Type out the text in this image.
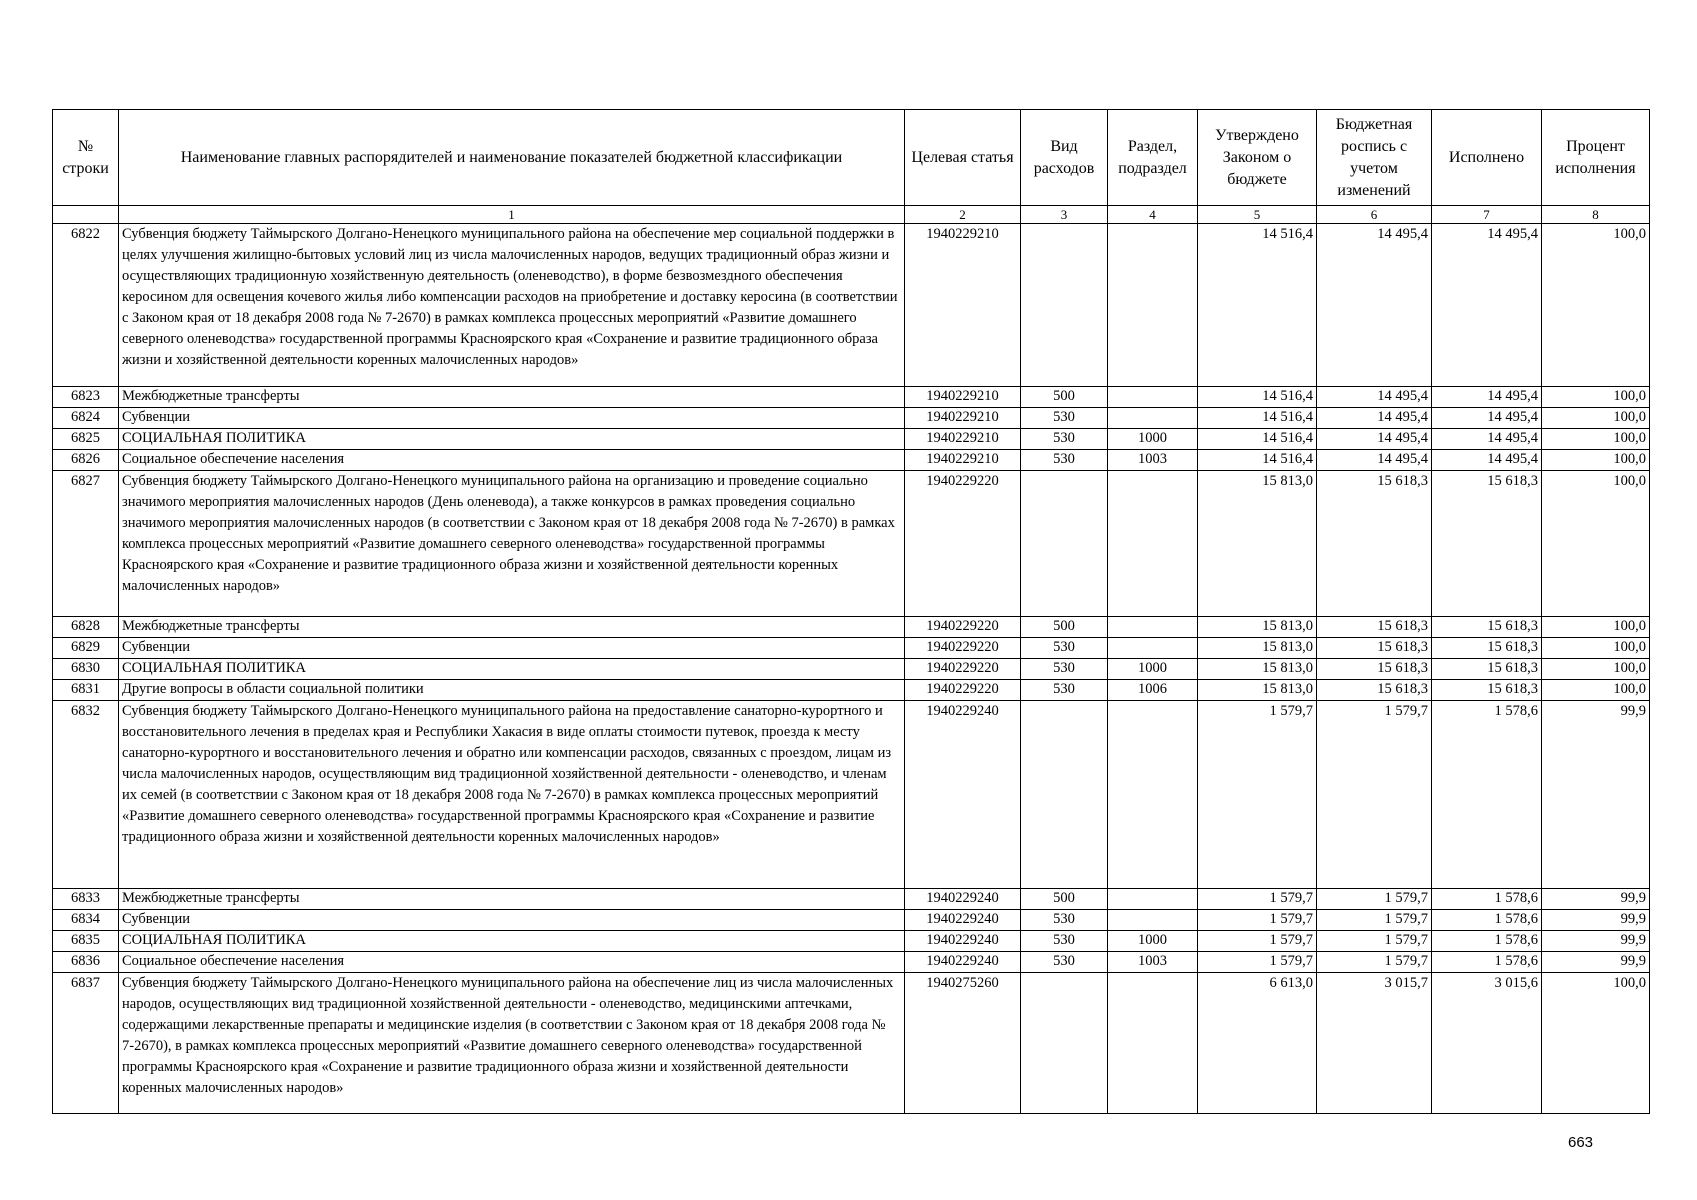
№ строки	Наименование главных распорядителей и наименование показателей бюджетной классификации	Целевая статья	Вид расходов	Раздел, подраздел	Утверждено Законом о бюджете	Бюджетная роспись с учетом изменений	Исполнено	Процент исполнения
	1	2	3	4	5	6	7	8
6822	Субвенция бюджету Таймырского Долгано-Ненецкого муниципального района на обеспечение мер социальной поддержки в целях улучшения жилищно-бытовых условий лиц из числа малочисленных народов, ведущих традиционный образ жизни и осуществляющих традиционную хозяйственную деятельность (оленеводство), в форме безвозмездного обеспечения керосином для освещения кочевого жилья либо компенсации расходов на приобретение и доставку керосина (в соответствии с Законом края от 18 декабря 2008 года № 7-2670) в рамках комплекса процессных мероприятий «Развитие домашнего северного оленеводства» государственной программы Красноярского края «Сохранение и развитие традиционного образа жизни и хозяйственной деятельности коренных малочисленных народов»	1940229210			14 516,4	14 495,4	14 495,4	100,0
6823	Межбюджетные трансферты	1940229210	500		14 516,4	14 495,4	14 495,4	100,0
6824	Субвенции	1940229210	530		14 516,4	14 495,4	14 495,4	100,0
6825	СОЦИАЛЬНАЯ ПОЛИТИКА	1940229210	530	1000	14 516,4	14 495,4	14 495,4	100,0
6826	Социальное обеспечение населения	1940229210	530	1003	14 516,4	14 495,4	14 495,4	100,0
6827	Субвенция бюджету Таймырского Долгано-Ненецкого муниципального района на организацию и проведение социально значимого мероприятия малочисленных народов (День оленевода), а также конкурсов в рамках проведения социально значимого мероприятия малочисленных народов (в соответствии с Законом края от 18 декабря 2008 года № 7-2670) в рамках комплекса процессных мероприятий «Развитие домашнего северного оленеводства» государственной программы Красноярского края «Сохранение и развитие традиционного образа жизни и хозяйственной деятельности коренных малочисленных народов»	1940229220			15 813,0	15 618,3	15 618,3	100,0
6828	Межбюджетные трансферты	1940229220	500		15 813,0	15 618,3	15 618,3	100,0
6829	Субвенции	1940229220	530		15 813,0	15 618,3	15 618,3	100,0
6830	СОЦИАЛЬНАЯ ПОЛИТИКА	1940229220	530	1000	15 813,0	15 618,3	15 618,3	100,0
6831	Другие вопросы в области социальной политики	1940229220	530	1006	15 813,0	15 618,3	15 618,3	100,0
6832	Субвенция бюджету Таймырского Долгано-Ненецкого муниципального района на предоставление санаторно-курортного и восстановительного лечения в пределах края и Республики Хакасия в виде оплаты стоимости путевок, проезда к месту санаторно-курортного и восстановительного лечения и обратно или компенсации расходов, связанных с проездом, лицам из числа малочисленных народов, осуществляющим вид традиционной хозяйственной деятельности - оленеводство, и членам их семей (в соответствии с Законом края от 18 декабря 2008 года № 7-2670) в рамках комплекса процессных мероприятий «Развитие домашнего северного оленеводства» государственной программы Красноярского края «Сохранение и развитие традиционного образа жизни и хозяйственной деятельности коренных малочисленных народов»	1940229240			1 579,7	1 579,7	1 578,6	99,9
6833	Межбюджетные трансферты	1940229240	500		1 579,7	1 579,7	1 578,6	99,9
6834	Субвенции	1940229240	530		1 579,7	1 579,7	1 578,6	99,9
6835	СОЦИАЛЬНАЯ ПОЛИТИКА	1940229240	530	1000	1 579,7	1 579,7	1 578,6	99,9
6836	Социальное обеспечение населения	1940229240	530	1003	1 579,7	1 579,7	1 578,6	99,9
6837	Субвенция бюджету Таймырского Долгано-Ненецкого муниципального района на обеспечение лиц из числа малочисленных народов, осуществляющих вид традиционной хозяйственной деятельности - оленеводство, медицинскими аптечками, содержащими лекарственные препараты и медицинские изделия (в соответствии с Законом края от 18 декабря 2008 года № 7-2670), в рамках комплекса процессных мероприятий «Развитие домашнего северного оленеводства» государственной программы Красноярского края «Сохранение и развитие традиционного образа жизни и хозяйственной деятельности коренных малочисленных народов»	1940275260			6 613,0	3 015,7	3 015,6	100,0
663
